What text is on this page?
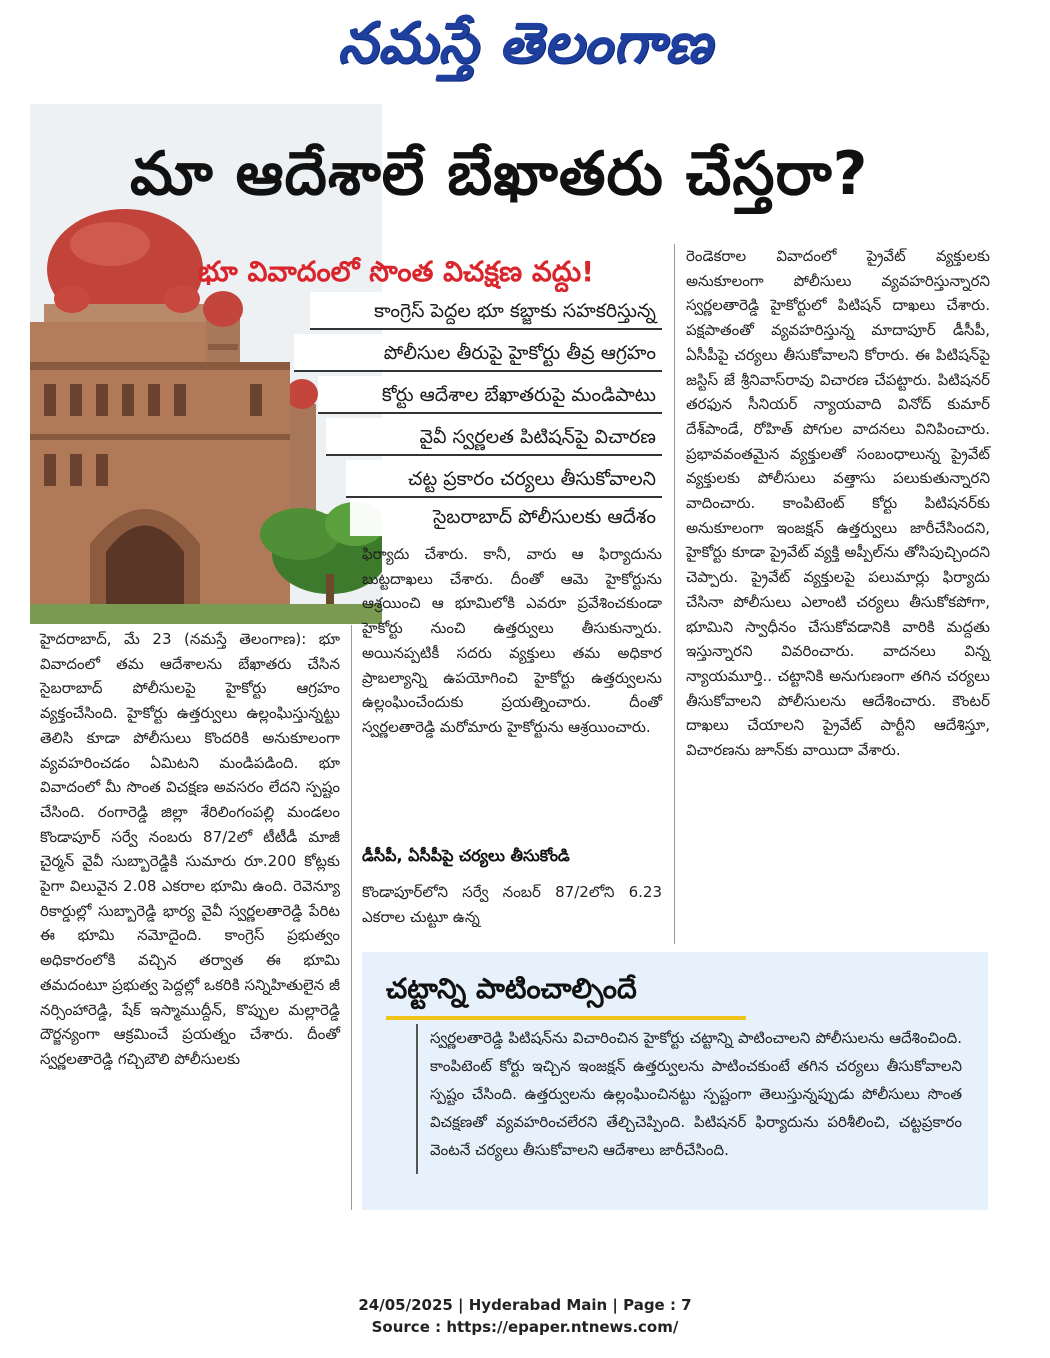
నమస్తే తెలంగాణ
మా ఆదేశాలే బేఖాతరు చేస్తరా?
భూ వివాదంలో సొంత విచక్షణ వద్దు!
కాంగ్రెస్ పెద్దల భూ కబ్జాకు సహకరిస్తున్న
పోలీసుల తీరుపై హైకోర్టు తీవ్ర ఆగ్రహం
కోర్టు ఆదేశాల బేఖాతరుపై మండిపాటు
వైవీ స్వర్ణలత పిటిషన్‌పై విచారణ
చట్ట ప్రకారం చర్యలు తీసుకోవాలని
సైబరాబాద్ పోలీసులకు ఆదేశం

హైదరాబాద్, మే 23 (నమస్తే తెలంగాణ): భూ వివాదంలో తమ ఆదేశాలను బేఖాతరు చేసిన సైబరాబాద్ పోలీసులపై హైకోర్టు ఆగ్రహం వ్యక్తంచేసింది. హైకోర్టు ఉత్తర్వులు ఉల్లంఘిస్తున్నట్టు తెలిసి కూడా పోలీసులు కొందరికి అనుకూలంగా వ్యవహరించడం ఏమిటని మండిపడింది. భూ వివాదంలో మీ సొంత విచక్షణ అవసరం లేదని స్పష్టం చేసింది. రంగారెడ్డి జిల్లా శేరిలింగంపల్లి మండలం కొండాపూర్ సర్వే నంబరు 87/2లో టీటీడీ మాజీ చైర్మన్ వైవీ సుబ్బారెడ్డికి సుమారు రూ.200 కోట్లకు పైగా విలువైన 2.08 ఎకరాల భూమి ఉంది. రెవెన్యూ రికార్డుల్లో సుబ్బారెడ్డి భార్య వైవీ స్వర్ణలతారెడ్డి పేరిట ఈ భూమి నమోదైంది. కాంగ్రెస్ ప్రభుత్వం అధికారంలోకి వచ్చిన తర్వాత ఈ భూమి తమదంటూ ప్రభుత్వ పెద్దల్లో ఒకరికి సన్నిహితులైన జీ నర్సింహారెడ్డి, షేక్ ఇస్మాముద్దీన్, కొప్పుల మల్లారెడ్డి దౌర్జన్యంగా ఆక్రమించే ప్రయత్నం చేశారు. దీంతో స్వర్ణలతారెడ్డి గచ్చిబౌలి పోలీసులకు

ఫిర్యాదు చేశారు. కానీ, వారు ఆ ఫిర్యాదును బుట్టదాఖలు చేశారు. దీంతో ఆమె హైకోర్టును ఆశ్రయించి ఆ భూమిలోకి ఎవరూ ప్రవేశించకుండా హైకోర్టు నుంచి ఉత్తర్వులు తీసుకున్నారు. అయినప్పటికీ సదరు వ్యక్తులు తమ అధికార ప్రాబల్యాన్ని ఉపయోగించి హైకోర్టు ఉత్తర్వులను ఉల్లంఘించేందుకు ప్రయత్నించారు. దీంతో స్వర్ణలతారెడ్డి మరోమారు హైకోర్టును ఆశ్రయించారు.

డీసీపీ, ఏసీపీపై చర్యలు తీసుకోండి

కొండాపూర్‌లోని సర్వే నంబర్ 87/2లోని 6.23 ఎకరాల చుట్టూ ఉన్న

రెండెకరాల వివాదంలో ప్రైవేట్ వ్యక్తులకు అనుకూలంగా పోలీసులు వ్యవహరిస్తున్నారని స్వర్ణలతారెడ్డి హైకోర్టులో పిటిషన్ దాఖలు చేశారు. పక్షపాతంతో వ్యవహరిస్తున్న మాదాపూర్ డీసీపీ, ఏసీపీపై చర్యలు తీసుకోవాలని కోరారు. ఈ పిటిషన్‌పై జస్టిస్ జే శ్రీనివాస్‌రావు విచారణ చేపట్టారు. పిటిషనర్ తరఫున సీనియర్ న్యాయవాది వినోద్ కుమార్ దేశ్‌పాండే, రోహిత్ పోగుల వాదనలు వినిపించారు. ప్రభావవంతమైన వ్యక్తులతో సంబంధాలున్న ప్రైవేట్ వ్యక్తులకు పోలీసులు వత్తాసు పలుకుతున్నారని వాదించారు. కాంపిటెంట్ కోర్టు పిటిషనర్‌కు అనుకూలంగా ఇంజక్షన్ ఉత్తర్వులు జారీచేసిందని, హైకోర్టు కూడా ప్రైవేట్ వ్యక్తి అప్పీల్‌ను తోసిపుచ్చిందని చెప్పారు. ప్రైవేట్ వ్యక్తులపై పలుమార్లు ఫిర్యాదు చేసినా పోలీసులు ఎలాంటి చర్యలు తీసుకోకపోగా, భూమిని స్వాధీనం చేసుకోవడానికి వారికి మద్దతు ఇస్తున్నారని వివరించారు. వాదనలు విన్న న్యాయమూర్తి.. చట్టానికి అనుగుణంగా తగిన చర్యలు తీసుకోవాలని పోలీసులను ఆదేశించారు. కౌంటర్ దాఖలు చేయాలని ప్రైవేట్ పార్టీని ఆదేశిస్తూ, విచారణను జూన్‌కు వాయిదా వేశారు.

చట్టాన్ని పాటించాల్సిందే

స్వర్ణలతారెడ్డి పిటిషన్‌ను విచారించిన హైకోర్టు చట్టాన్ని పాటించాలని పోలీసులను ఆదేశించింది. కాంపిటెంట్ కోర్టు ఇచ్చిన ఇంజక్షన్ ఉత్తర్వులను పాటించకుంటే తగిన చర్యలు తీసుకోవాలని స్పష్టం చేసింది. ఉత్తర్వులను ఉల్లంఘించినట్టు స్పష్టంగా తెలుస్తున్నప్పుడు పోలీసులు సొంత విచక్షణతో వ్యవహరించలేరని తేల్చిచెప్పింది. పిటిషనర్ ఫిర్యాదును పరిశీలించి, చట్టప్రకారం వెంటనే చర్యలు తీసుకోవాలని ఆదేశాలు జారీచేసింది.

24/05/2025 | Hyderabad Main | Page : 7
Source : https://epaper.ntnews.com/
